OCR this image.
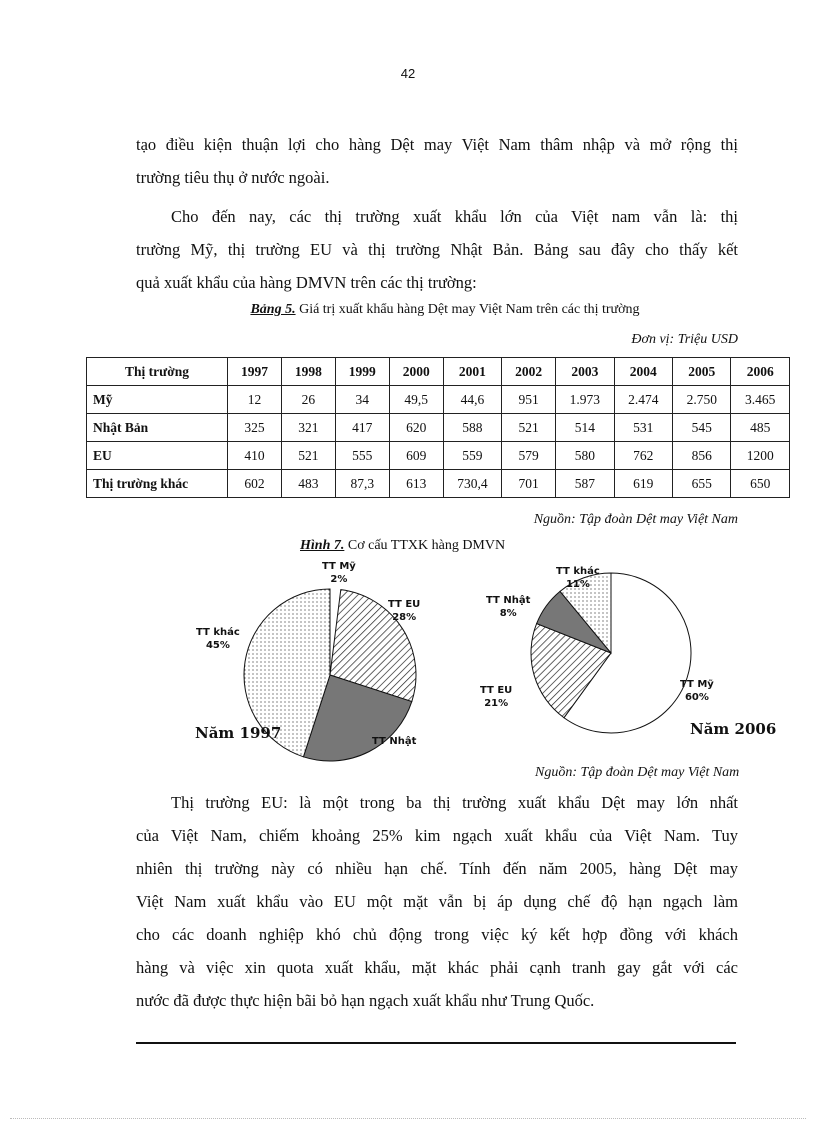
42

tạo điều kiện thuận lợi cho hàng Dệt may Việt Nam thâm nhập và mở rộng thị
trường tiêu thụ ở nước ngoài.

Cho đến nay, các thị trường xuất khẩu lớn của Việt nam vẫn là: thị
trường Mỹ, thị trường EU và thị trường Nhật Bản. Bảng sau đây cho thấy kết
quả xuất khẩu của hàng DMVN trên các thị trường:

Bảng 5. Giá trị xuất khẩu hàng Dệt may Việt Nam trên các thị trường
Đơn vị: Triệu USD
Thị trường	1997	1998	1999	2000	2001	2002	2003	2004	2005	2006
Mỹ	12	26	34	49,5	44,6	951	1.973	2.474	2.750	3.465
Nhật Bản	325	321	417	620	588	521	514	531	545	485
EU	410	521	555	609	559	579	580	762	856	1200
Thị trường khác	602	483	87,3	613	730,4	701	587	619	655	650
Nguồn: Tập đoàn Dệt may Việt Nam
Hình 7. Cơ cấu TTXK hàng DMVN
TT Mỹ
2%
TT EU
28%
TT Nhật
TT khác
45%
Năm 1997
TT Mỹ
60%
TT EU
21%
TT Nhật
8%
TT khác
11%
Năm 2006
Nguồn: Tập đoàn Dệt may Việt Nam

Thị trường EU: là một trong ba thị trường xuất khẩu Dệt may lớn nhất
của Việt Nam, chiếm khoảng 25% kim ngạch xuất khẩu của Việt Nam. Tuy
nhiên thị trường này có nhiều hạn chế. Tính đến năm 2005, hàng Dệt may
Việt Nam xuất khẩu vào EU một mặt vẫn bị áp dụng chế độ hạn ngạch làm
cho các doanh nghiệp khó chủ động trong việc ký kết hợp đồng với khách
hàng và việc xin quota xuất khẩu, mặt khác phải cạnh tranh gay gắt với các
nước đã được thực hiện bãi bỏ hạn ngạch xuất khẩu như Trung Quốc.
